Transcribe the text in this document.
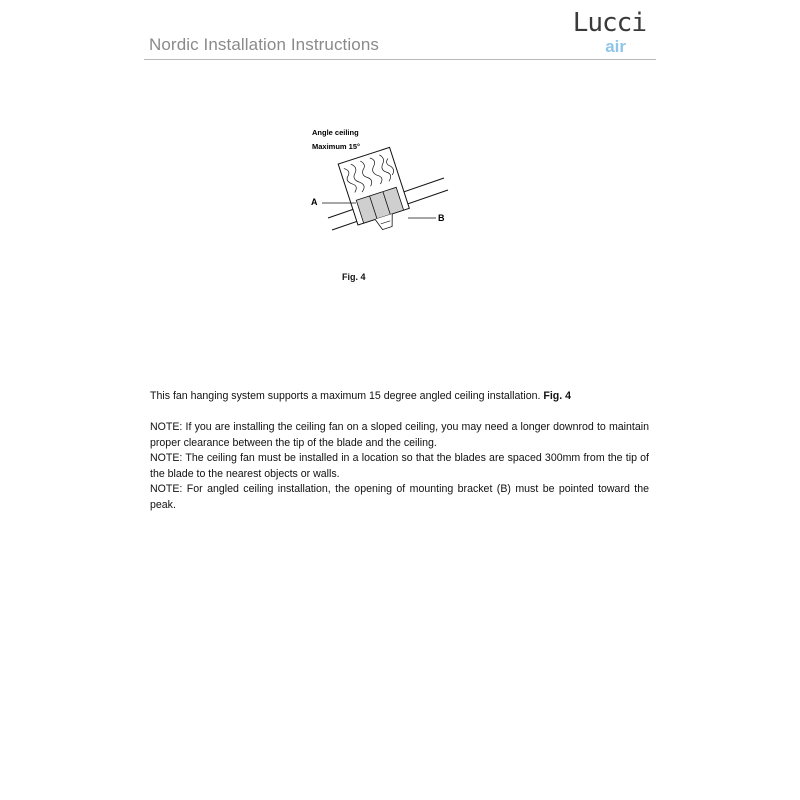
Nordic Installation Instructions
Lucci
air
Angle ceiling
Maximum 15°
A
B
Fig. 4

This fan hanging system supports a maximum 15 degree angled ceiling installation. Fig. 4

NOTE: If you are installing the ceiling fan on a sloped ceiling, you may need a longer downrod to maintain proper clearance between the tip of the blade and the ceiling.

NOTE: The ceiling fan must be installed in a location so that the blades are spaced 300mm from the tip of the blade to the nearest objects or walls.

NOTE: For angled ceiling installation, the opening of mounting bracket (B) must be pointed toward the peak.
